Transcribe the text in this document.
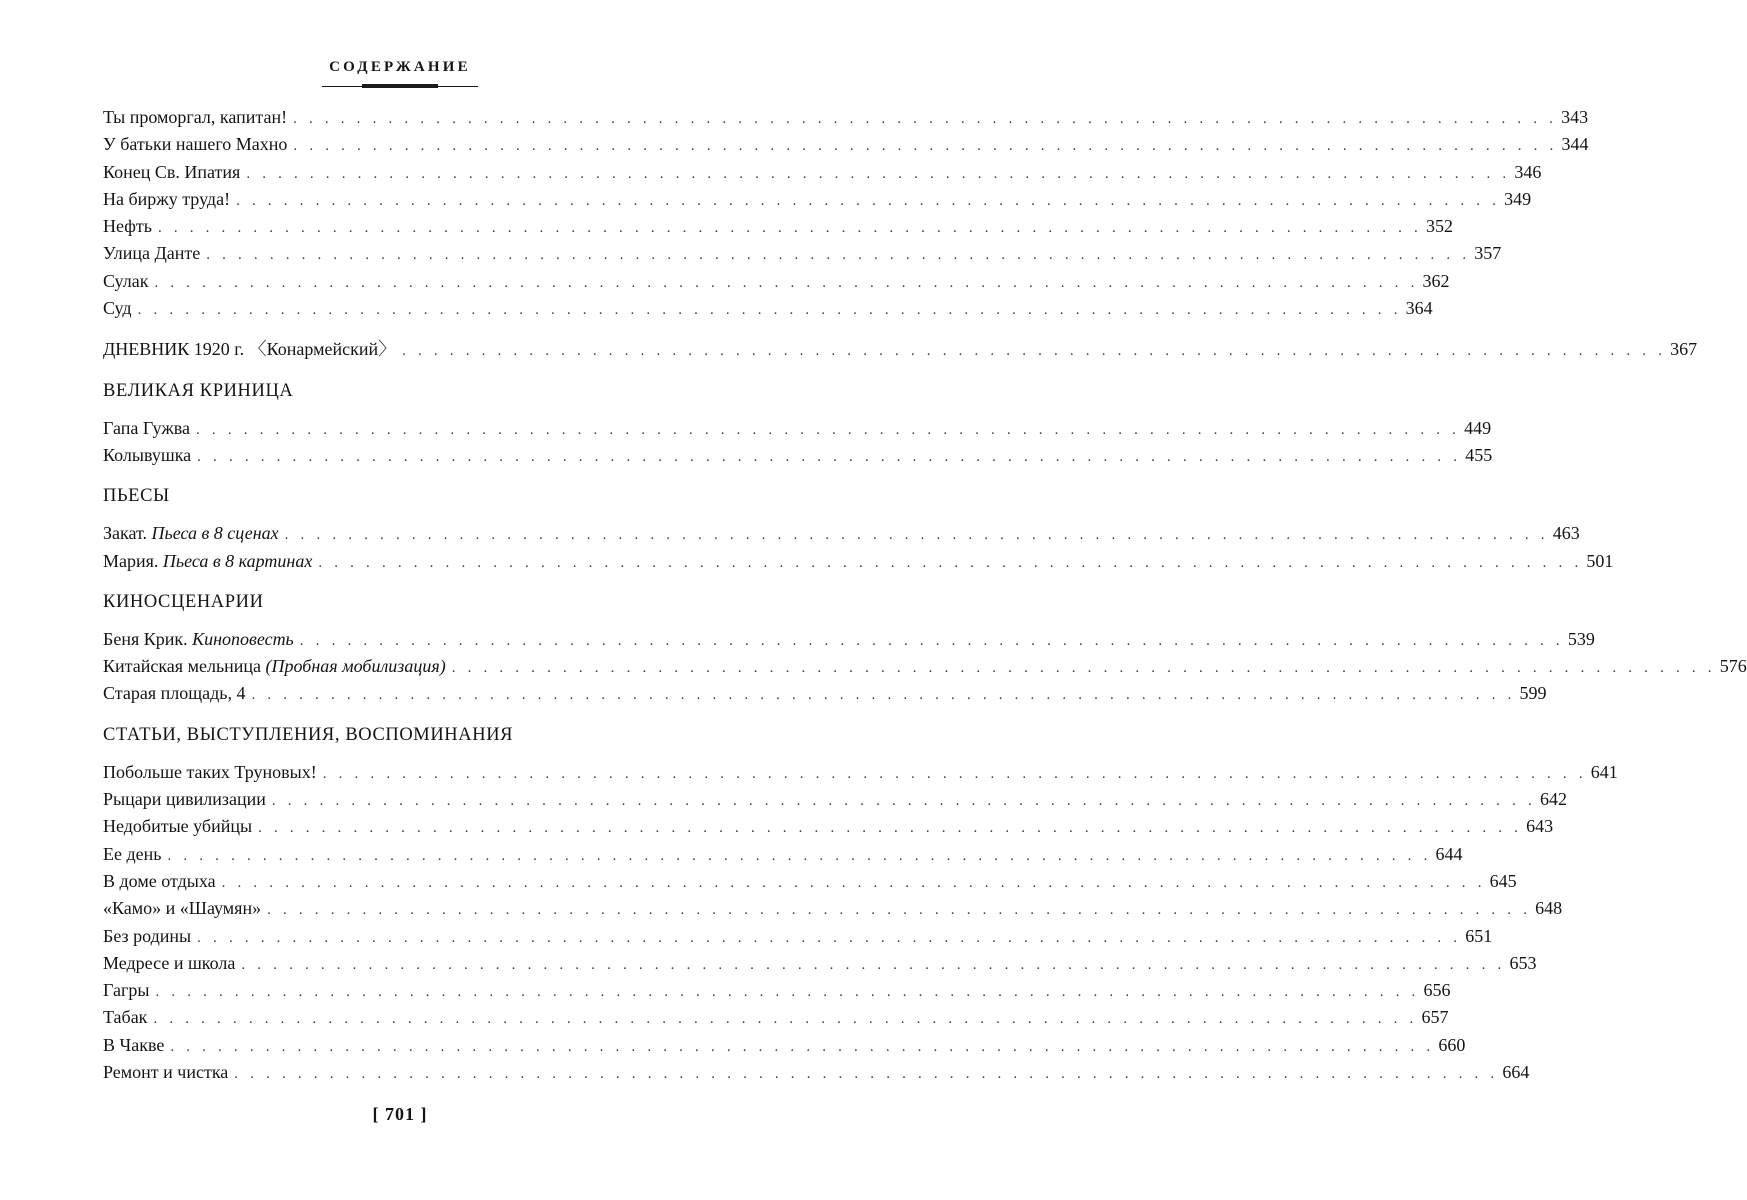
СОДЕРЖАНИЕ
Ты проморгал, капитан! . . . . . . . . . . . . . . . . . . . . . . . . . . . . . . . . . . . . . . . . . . . . . . . . . . . . . . . . . . . . . . . . . . . . . . . . . . . . . . . . 343
У батьки нашего Махно . . . . . . . . . . . . . . . . . . . . . . . . . . . . . . . . . . . . . . . . . . . . . . . . . . . . . . . . . . . . . . . . . . . . . . . . . . . . . . . . 344
Конец Св. Ипатия . . . . . . . . . . . . . . . . . . . . . . . . . . . . . . . . . . . . . . . . . . . . . . . . . . . . . . . . . . . . . . . . . . . . . . . . . . . . . . . . 346
На биржу труда! . . . . . . . . . . . . . . . . . . . . . . . . . . . . . . . . . . . . . . . . . . . . . . . . . . . . . . . . . . . . . . . . . . . . . . . . . . . . . . . . 349
Нефть . . . . . . . . . . . . . . . . . . . . . . . . . . . . . . . . . . . . . . . . . . . . . . . . . . . . . . . . . . . . . . . . . . . . . . . . . . . . . . . . 352
Улица Данте . . . . . . . . . . . . . . . . . . . . . . . . . . . . . . . . . . . . . . . . . . . . . . . . . . . . . . . . . . . . . . . . . . . . . . . . . . . . . . . . 357
Сулак . . . . . . . . . . . . . . . . . . . . . . . . . . . . . . . . . . . . . . . . . . . . . . . . . . . . . . . . . . . . . . . . . . . . . . . . . . . . . . . . 362
Суд . . . . . . . . . . . . . . . . . . . . . . . . . . . . . . . . . . . . . . . . . . . . . . . . . . . . . . . . . . . . . . . . . . . . . . . . . . . . . . . . 364
ДНЕВНИК 1920 г. 〈Конармейский〉 . . . . . . . . . . . . . . . . . . . . . . . . . . . . . . . . . . . . . . . . . . . . . . . . . . . . . . . . . . . . . . . . . . . . . . . . . . . . . . . . 367
ВЕЛИКАЯ КРИНИЦА
Гапа Гужва . . . . . . . . . . . . . . . . . . . . . . . . . . . . . . . . . . . . . . . . . . . . . . . . . . . . . . . . . . . . . . . . . . . . . . . . . . . . . . . . 449
Колывушка . . . . . . . . . . . . . . . . . . . . . . . . . . . . . . . . . . . . . . . . . . . . . . . . . . . . . . . . . . . . . . . . . . . . . . . . . . . . . . . . 455
ПЬЕСЫ
Закат. Пьеса в 8 сценах . . . . . . . . . . . . . . . . . . . . . . . . . . . . . . . . . . . . . . . . . . . . . . . . . . . . . . . . . . . . . . . . . . . . . . . . . . . . . . . . 463
Мария. Пьеса в 8 картинах . . . . . . . . . . . . . . . . . . . . . . . . . . . . . . . . . . . . . . . . . . . . . . . . . . . . . . . . . . . . . . . . . . . . . . . . . . . . . . . . 501
КИНОСЦЕНАРИИ
Беня Крик. Киноповесть . . . . . . . . . . . . . . . . . . . . . . . . . . . . . . . . . . . . . . . . . . . . . . . . . . . . . . . . . . . . . . . . . . . . . . . . . . . . . . . . 539
Китайская мельница (Пробная мобилизация) . . . . . . . . . . . . . . . . . . . . . . . . . . . . . . . . . . . . . . . . . . . . . . . . . . . . . . . . . . . . . . . . . . . . . . . . . . . . . . . . 576
Старая площадь, 4 . . . . . . . . . . . . . . . . . . . . . . . . . . . . . . . . . . . . . . . . . . . . . . . . . . . . . . . . . . . . . . . . . . . . . . . . . . . . . . . . 599
СТАТЬИ, ВЫСТУПЛЕНИЯ, ВОСПОМИНАНИЯ
Побольше таких Труновых! . . . . . . . . . . . . . . . . . . . . . . . . . . . . . . . . . . . . . . . . . . . . . . . . . . . . . . . . . . . . . . . . . . . . . . . . . . . . . . . . 641
Рыцари цивилизации . . . . . . . . . . . . . . . . . . . . . . . . . . . . . . . . . . . . . . . . . . . . . . . . . . . . . . . . . . . . . . . . . . . . . . . . . . . . . . . . 642
Недобитые убийцы . . . . . . . . . . . . . . . . . . . . . . . . . . . . . . . . . . . . . . . . . . . . . . . . . . . . . . . . . . . . . . . . . . . . . . . . . . . . . . . . 643
Ее день . . . . . . . . . . . . . . . . . . . . . . . . . . . . . . . . . . . . . . . . . . . . . . . . . . . . . . . . . . . . . . . . . . . . . . . . . . . . . . . . 644
В доме отдыха . . . . . . . . . . . . . . . . . . . . . . . . . . . . . . . . . . . . . . . . . . . . . . . . . . . . . . . . . . . . . . . . . . . . . . . . . . . . . . . . 645
«Камо» и «Шаумян» . . . . . . . . . . . . . . . . . . . . . . . . . . . . . . . . . . . . . . . . . . . . . . . . . . . . . . . . . . . . . . . . . . . . . . . . . . . . . . . . 648
Без родины . . . . . . . . . . . . . . . . . . . . . . . . . . . . . . . . . . . . . . . . . . . . . . . . . . . . . . . . . . . . . . . . . . . . . . . . . . . . . . . . 651
Медресе и школа . . . . . . . . . . . . . . . . . . . . . . . . . . . . . . . . . . . . . . . . . . . . . . . . . . . . . . . . . . . . . . . . . . . . . . . . . . . . . . . . 653
Гагры . . . . . . . . . . . . . . . . . . . . . . . . . . . . . . . . . . . . . . . . . . . . . . . . . . . . . . . . . . . . . . . . . . . . . . . . . . . . . . . . 656
Табак . . . . . . . . . . . . . . . . . . . . . . . . . . . . . . . . . . . . . . . . . . . . . . . . . . . . . . . . . . . . . . . . . . . . . . . . . . . . . . . . 657
В Чакве . . . . . . . . . . . . . . . . . . . . . . . . . . . . . . . . . . . . . . . . . . . . . . . . . . . . . . . . . . . . . . . . . . . . . . . . . . . . . . . . 660
Ремонт и чистка . . . . . . . . . . . . . . . . . . . . . . . . . . . . . . . . . . . . . . . . . . . . . . . . . . . . . . . . . . . . . . . . . . . . . . . . . . . . . . . . 664
[ 701 ]
